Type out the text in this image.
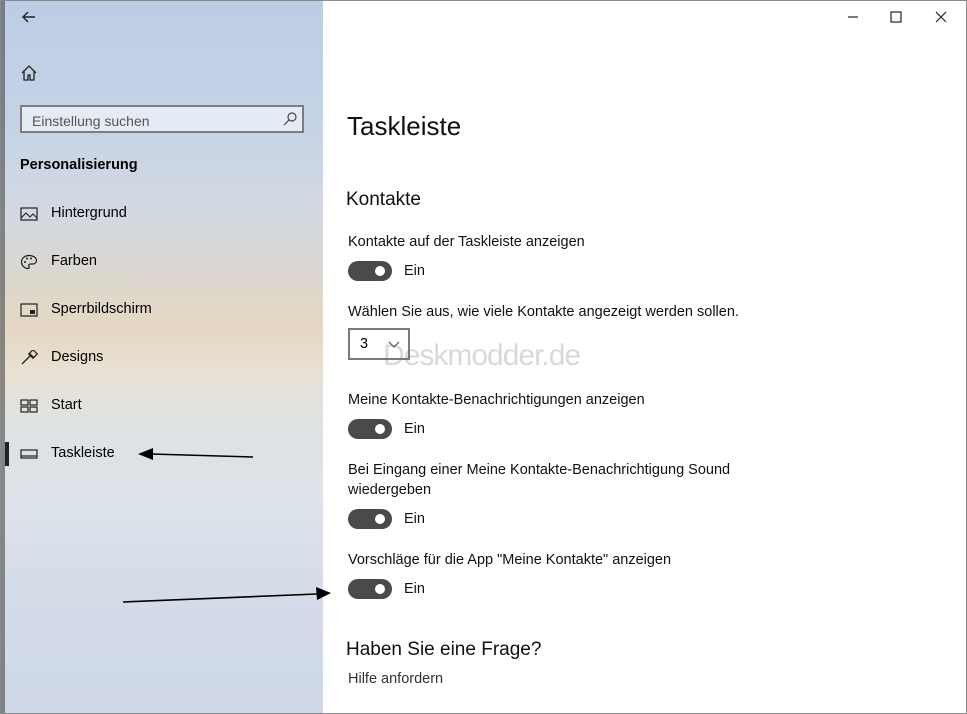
Einstellung suchen
Personalisierung
Hintergrund
Farben
Sperrbildschirm
Designs
Start
Taskleiste
Taskleiste
Kontakte
Kontakte auf der Taskleiste anzeigen
Ein
Wählen Sie aus, wie viele Kontakte angezeigt werden sollen.
3 Deskmodder.de
Meine Kontakte-Benachrichtigungen anzeigen
Ein
Bei Eingang einer Meine Kontakte-Benachrichtigung Sound
wiedergeben
Ein
Vorschläge für die App "Meine Kontakte" anzeigen
Ein
Haben Sie eine Frage?
Hilfe anfordern
